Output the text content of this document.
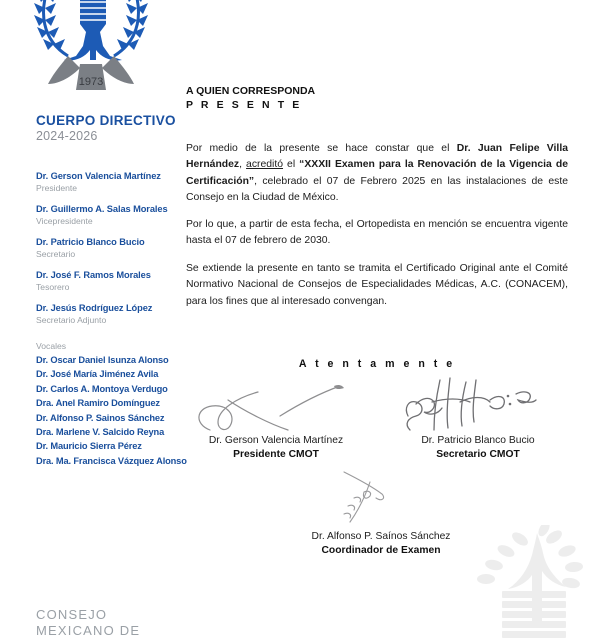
1973
CUERPO DIRECTIVO
2024-2026
Dr. Gerson Valencia Martínez
Presidente
Dr. Guillermo A. Salas Morales
Vicepresidente
Dr. Patricio Blanco Bucio
Secretario
Dr. José F. Ramos Morales
Tesorero
Dr. Jesús Rodríguez López
Secretario Adjunto
Vocales
Dr. Oscar Daniel Isunza Alonso
Dr. José María Jiménez Avila
Dr. Carlos A. Montoya Verdugo
Dra. Anel Ramiro Domínguez
Dr. Alfonso P. Sainos Sánchez
Dra. Marlene V. Salcido Reyna
Dr. Mauricio Sierra Pérez
Dra. Ma. Francisca Vázquez Alonso
CONSEJO
MEXICANO DE
A QUIEN CORRESPONDA
P R E S E N T E
Por medio de la presente se hace constar que el Dr. Juan Felipe Villa Hernández, acreditó el “XXXII Examen para la Renovación de la Vigencia de Certificación”, celebrado el 07 de Febrero 2025 en las instalaciones de este Consejo en la Ciudad de México.
Por lo que, a partir de esta fecha, el Ortopedista en mención se encuentra vigente hasta el 07 de febrero de 2030.
Se extiende la presente en tanto se tramita el Certificado Original ante el Comité Normativo Nacional de Consejos de Especialidades Médicas, A.C. (CONACEM), para los fines que al interesado convengan.
A t e n t a m e n t e
Dr. Gerson Valencia Martínez
Presidente CMOT
Dr. Patricio Blanco Bucio
Secretario CMOT
Dr. Alfonso P. Saínos Sánchez
Coordinador de Examen
